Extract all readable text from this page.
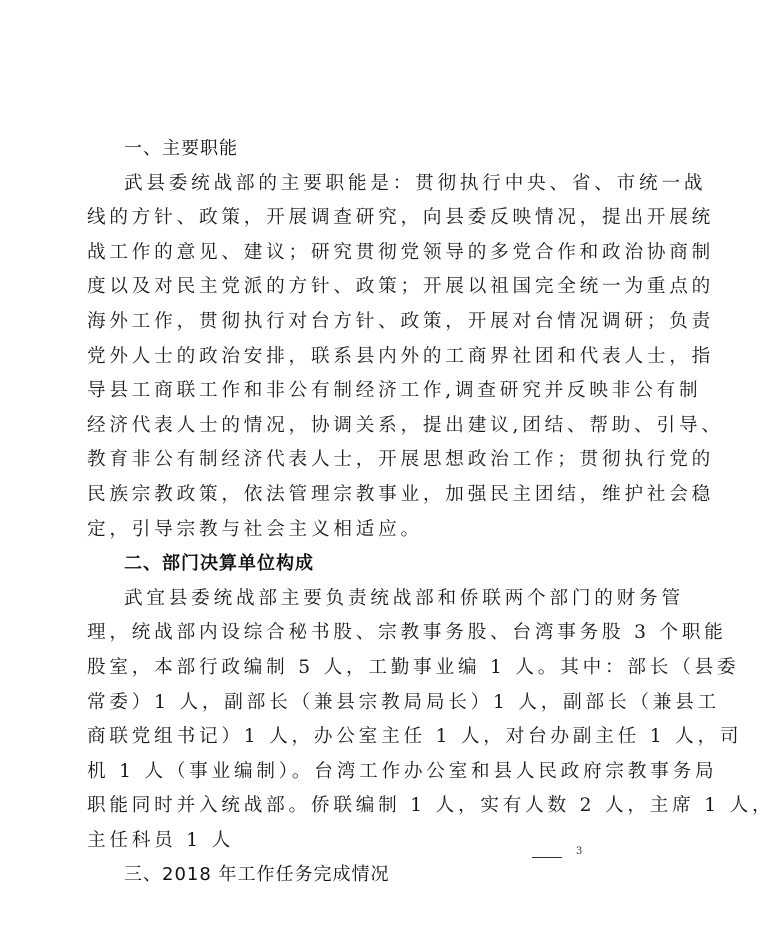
一、主要职能
武县委统战部的主要职能是：贯彻执行中央、省、市统一战
线的方针、政策，开展调查研究，向县委反映情况，提出开展统
战工作的意见、建议；研究贯彻党领导的多党合作和政治协商制
度以及对民主党派的方针、政策；开展以祖国完全统一为重点的
海外工作，贯彻执行对台方针、政策，开展对台情况调研；负责
党外人士的政治安排，联系县内外的工商界社团和代表人士，指
导县工商联工作和非公有制经济工作,调查研究并反映非公有制
经济代表人士的情况，协调关系，提出建议,团结、帮助、引导、
教育非公有制经济代表人士，开展思想政治工作；贯彻执行党的
民族宗教政策，依法管理宗教事业，加强民主团结，维护社会稳
定，引导宗教与社会主义相适应。
二、部门决算单位构成
武宜县委统战部主要负责统战部和侨联两个部门的财务管
理，统战部内设综合秘书股、宗教事务股、台湾事务股 3 个职能
股室，本部行政编制 5 人，工勤事业编 1 人。其中：部长（县委
常委）1 人，副部长（兼县宗教局局长）1 人，副部长（兼县工
商联党组书记）1 人，办公室主任 1 人，对台办副主任 1 人，司
机 1 人（事业编制）。台湾工作办公室和县人民政府宗教事务局
职能同时并入统战部。侨联编制 1 人，实有人数 2 人，主席 1 人，
主任科员 1 人
三、2018 年工作任务完成情况
3
